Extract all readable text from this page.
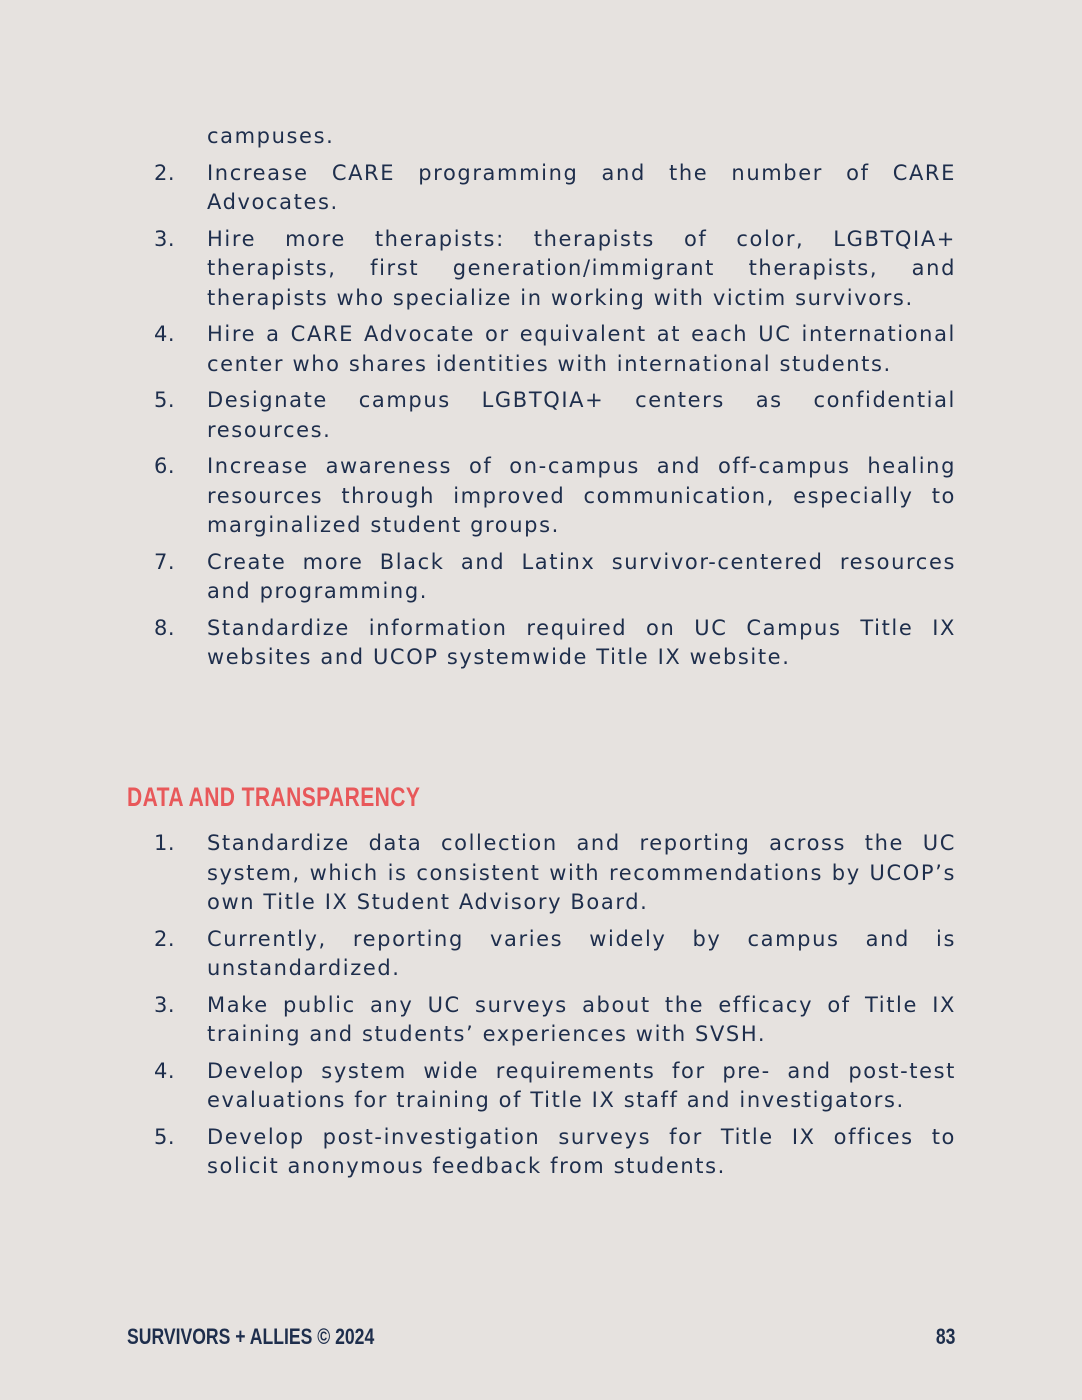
campuses.
2.	Increase CARE programming and the number of CARE Advocates.
3.	Hire more therapists: therapists of color, LGBTQIA+ therapists, first generation/immigrant therapists, and therapists who specialize in working with victim survivors.
4.	Hire a CARE Advocate or equivalent at each UC international center who shares identities with international students.
5.	Designate campus LGBTQIA+ centers as confidential resources.
6.	Increase awareness of on-campus and off-campus healing resources through improved communication, especially to marginalized student groups.
7.	Create more Black and Latinx survivor-centered resources and programming.
8.	Standardize information required on UC Campus Title IX websites and UCOP systemwide Title IX website.
DATA AND TRANSPARENCY
1.	Standardize data collection and reporting across the UC system, which is consistent with recommendations by UCOP’s own Title IX Student Advisory Board.
2.	Currently, reporting varies widely by campus and is unstandardized.
3.	Make public any UC surveys about the efficacy of Title IX training and students’ experiences with SVSH.
4.	Develop system wide requirements for pre- and post-test evaluations for training of Title IX staff and investigators.
5.	Develop post-investigation surveys for Title IX offices to solicit anonymous feedback from students.

SURVIVORS + ALLIES © 2024	83
